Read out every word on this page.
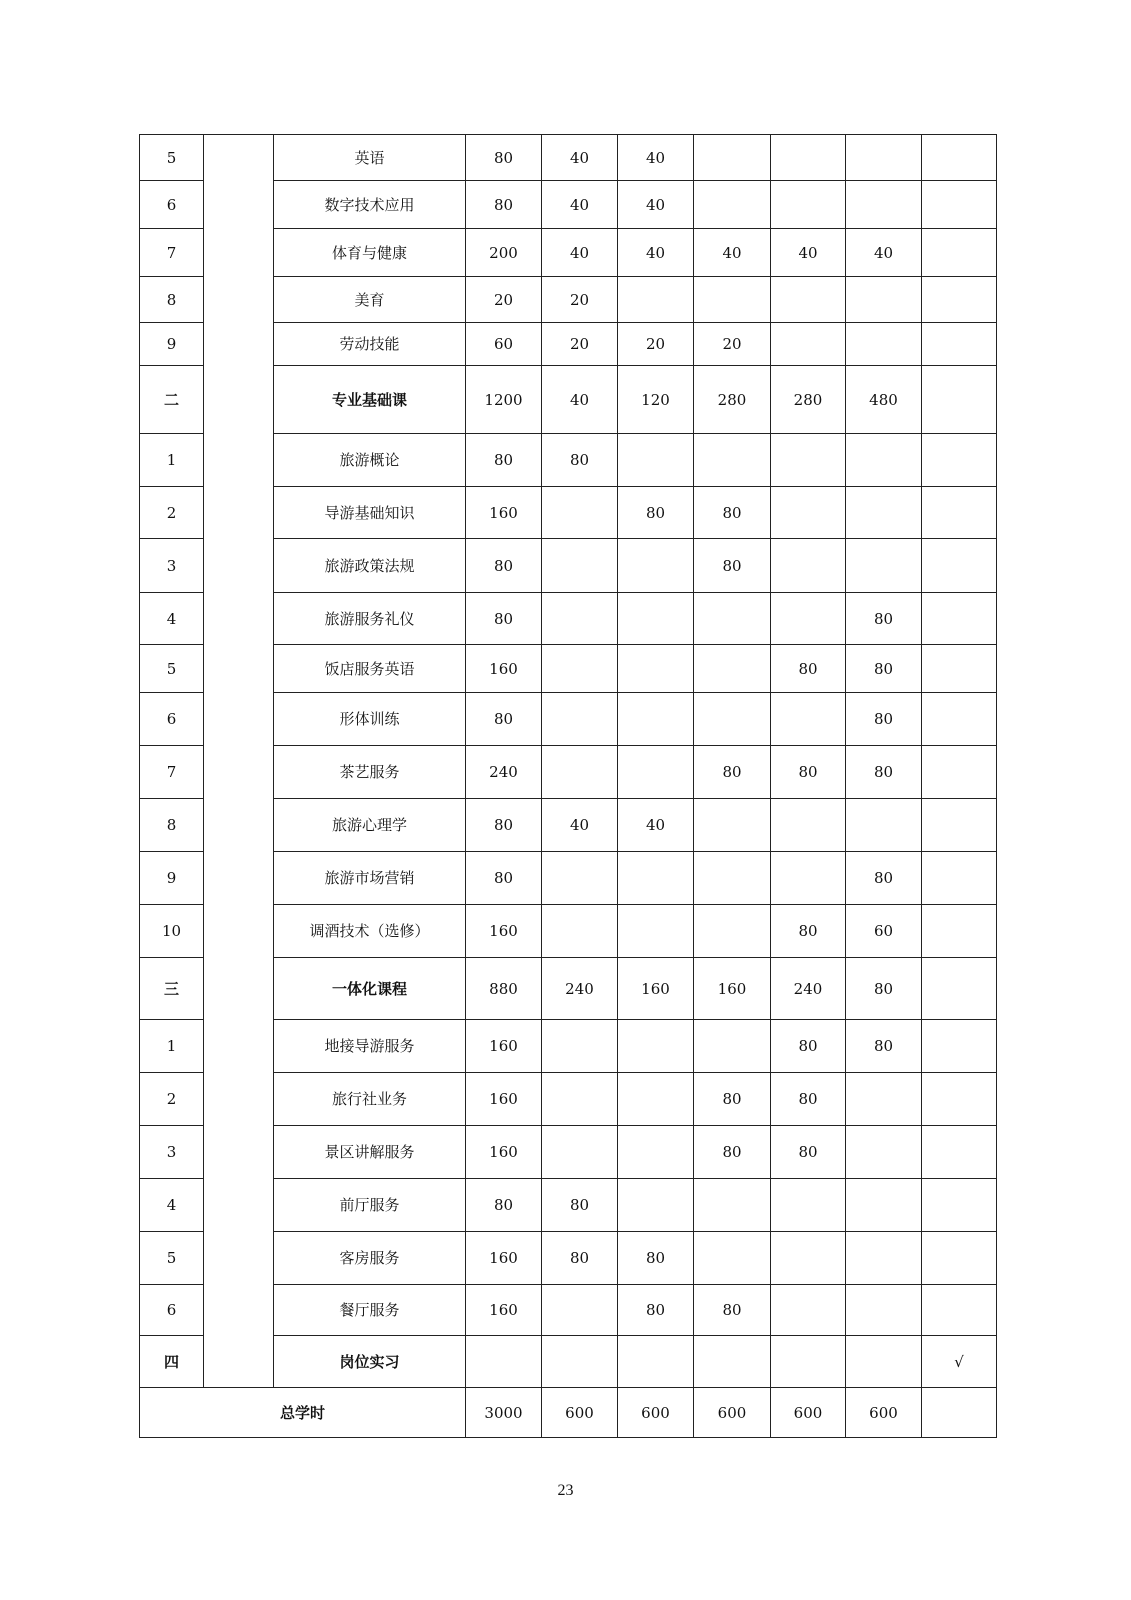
5		英语	80	40	40				
6		数字技术应用	80	40	40				
7		体育与健康	200	40	40	40	40	40	
8		美育	20	20					
9		劳动技能	60	20	20	20			
二		专业基础课	1200	40	120	280	280	480	
1		旅游概论	80	80					
2		导游基础知识	160		80	80			
3		旅游政策法规	80			80			
4		旅游服务礼仪	80					80	
5		饭店服务英语	160				80	80	
6		形体训练	80					80	
7		茶艺服务	240			80	80	80	
8		旅游心理学	80	40	40				
9		旅游市场营销	80					80	
10		调酒技术（选修）	160				80	60	
三		一体化课程	880	240	160	160	240	80	
1		地接导游服务	160				80	80	
2		旅行社业务	160			80	80		
3		景区讲解服务	160			80	80		
4		前厅服务	80	80					
5		客房服务	160	80	80				
6		餐厅服务	160		80	80			
四		岗位实习							√
总学时			3000	600	600	600	600	600	
23
